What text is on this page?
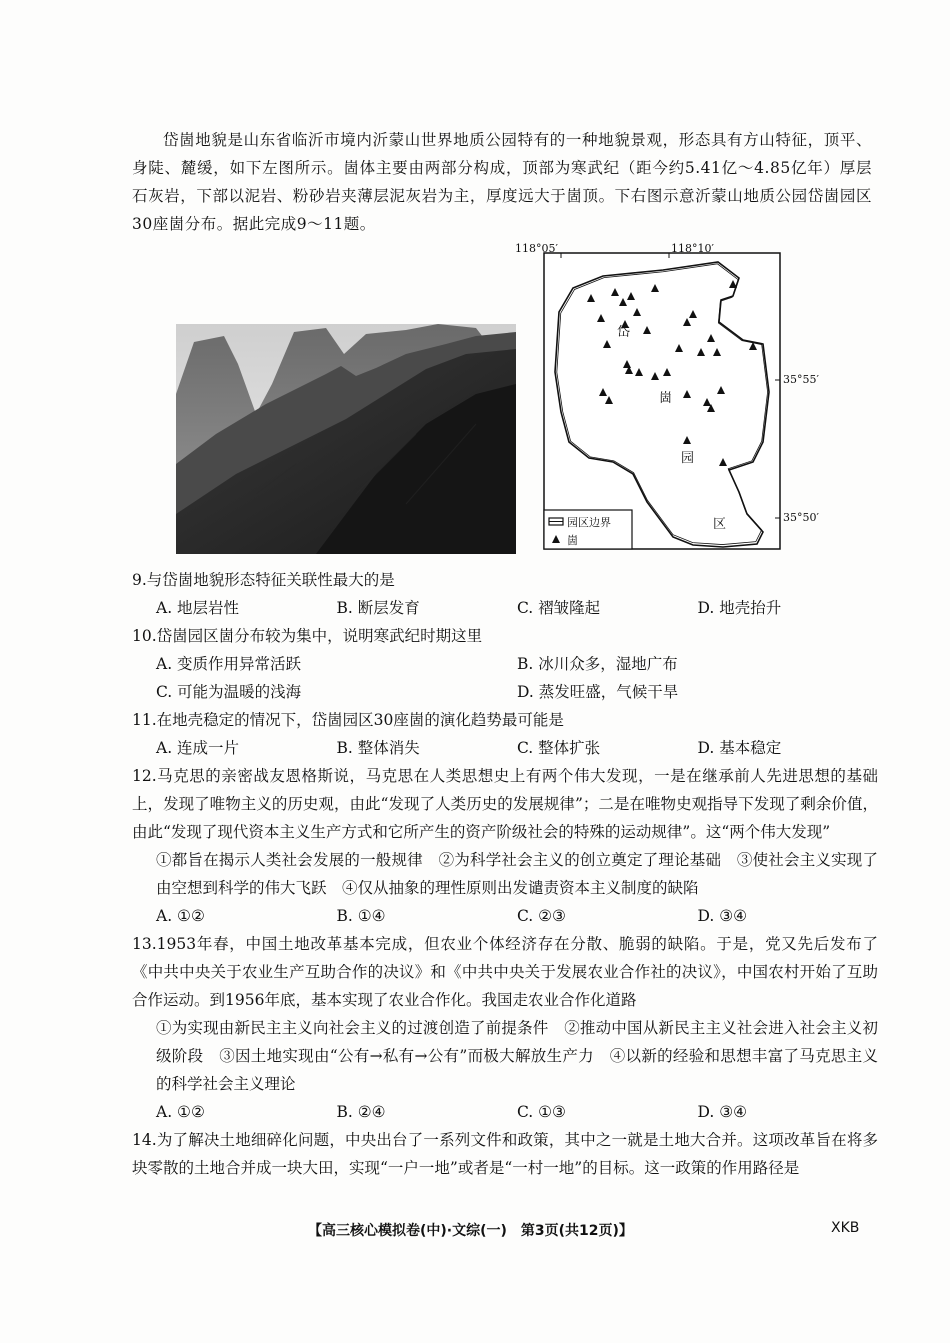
岱崮地貌是山东省临沂市境内沂蒙山世界地质公园特有的一种地貌景观，形态具有方山特征，顶平、身陡、麓缓，如下左图所示。崮体主要由两部分构成，顶部为寒武纪（距今约5.41亿～4.85亿年）厚层石灰岩，下部以泥岩、粉砂岩夹薄层泥灰岩为主，厚度远大于崮顶。下右图示意沂蒙山地质公园岱崮园区30座崮分布。据此完成9～11题。
118°05′	118°10′
岱
崮
园
区
园区边界
崮
35°55′
35°50′
9.与岱崮地貌形态特征关联性最大的是
A. 地层岩性	B. 断层发育	C. 褶皱隆起	D. 地壳抬升
10.岱崮园区崮分布较为集中，说明寒武纪时期这里
A. 变质作用异常活跃	B. 冰川众多，湿地广布
C. 可能为温暖的浅海	D. 蒸发旺盛，气候干旱
11.在地壳稳定的情况下，岱崮园区30座崮的演化趋势最可能是
A. 连成一片	B. 整体消失	C. 整体扩张	D. 基本稳定
12.马克思的亲密战友恩格斯说，马克思在人类思想史上有两个伟大发现，一是在继承前人先进思想的基础上，发现了唯物主义的历史观，由此“发现了人类历史的发展规律”；二是在唯物史观指导下发现了剩余价值，由此“发现了现代资本主义生产方式和它所产生的资产阶级社会的特殊的运动规律”。这“两个伟大发现”
①都旨在揭示人类社会发展的一般规律　②为科学社会主义的创立奠定了理论基础　③使社会主义实现了由空想到科学的伟大飞跃　④仅从抽象的理性原则出发谴责资本主义制度的缺陷
A. ①②	B. ①④	C. ②③	D. ③④
13.1953年春，中国土地改革基本完成，但农业个体经济存在分散、脆弱的缺陷。于是，党又先后发布了《中共中央关于农业生产互助合作的决议》和《中共中央关于发展农业合作社的决议》，中国农村开始了互助合作运动。到1956年底，基本实现了农业合作化。我国走农业合作化道路
①为实现由新民主主义向社会主义的过渡创造了前提条件　②推动中国从新民主主义社会进入社会主义初级阶段　③因土地实现由“公有→私有→公有”而极大解放生产力　④以新的经验和思想丰富了马克思主义的科学社会主义理论
A. ①②	B. ②④	C. ①③	D. ③④
14.为了解决土地细碎化问题，中央出台了一系列文件和政策，其中之一就是土地大合并。这项改革旨在将多块零散的土地合并成一块大田，实现“一户一地”或者是“一村一地”的目标。这一政策的作用路径是
【高三核心模拟卷(中)·文综(一)　第3页(共12页)】	XKB
